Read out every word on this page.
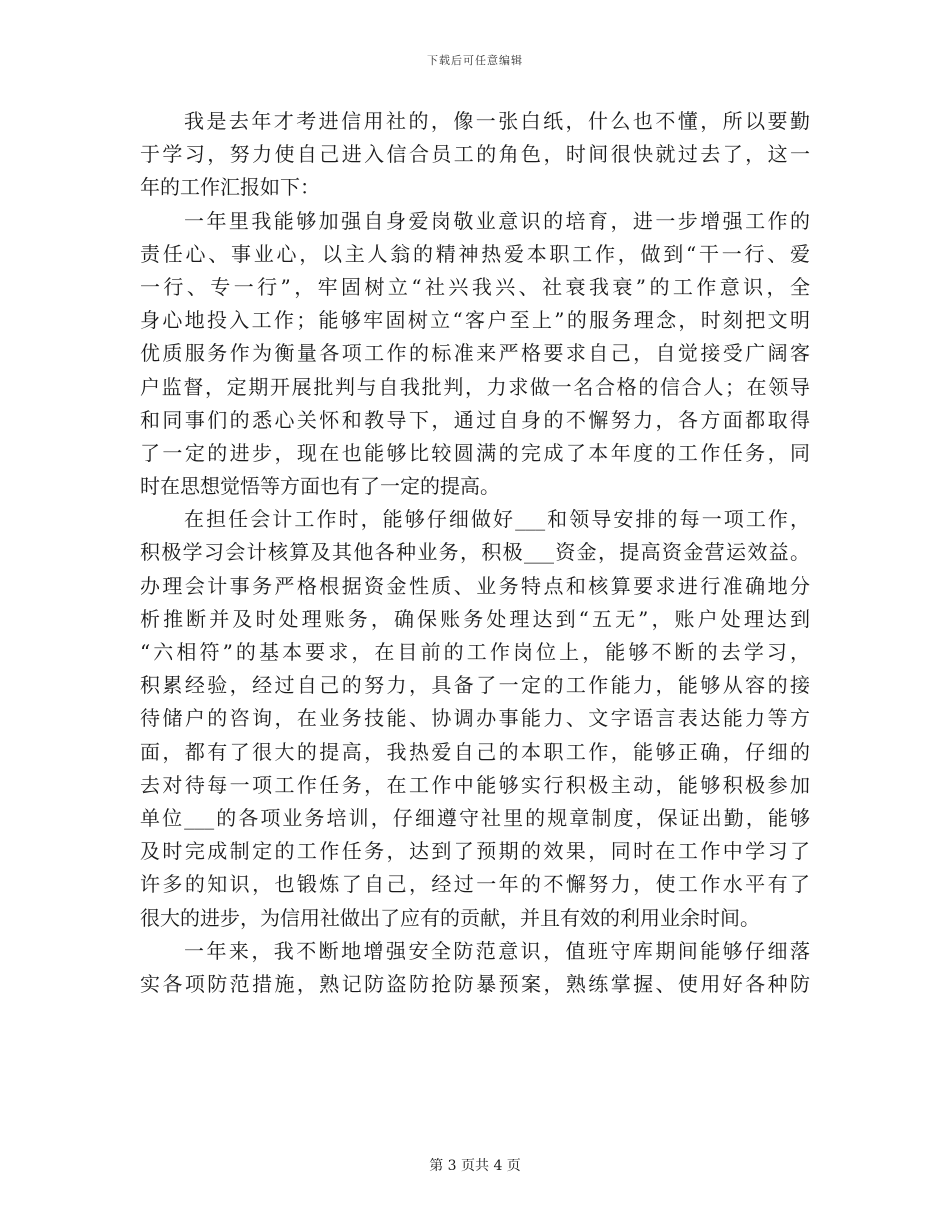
下载后可任意编辑
我是去年才考进信用社的，像一张白纸，什么也不懂，所以要勤
于学习，努力使自己进入信合员工的角色，时间很快就过去了，这一
年的工作汇报如下：
一年里我能够加强自身爱岗敬业意识的培育，进一步增强工作的
责任心、事业心，以主人翁的精神热爱本职工作，做到“干一行、爱
一行、专一行”，牢固树立“社兴我兴、社衰我衰”的工作意识，全
身心地投入工作；能够牢固树立“客户至上”的服务理念，时刻把文明
优质服务作为衡量各项工作的标准来严格要求自己，自觉接受广阔客
户监督，定期开展批判与自我批判，力求做一名合格的信合人；在领导
和同事们的悉心关怀和教导下，通过自身的不懈努力，各方面都取得
了一定的进步，现在也能够比较圆满的完成了本年度的工作任务，同
时在思想觉悟等方面也有了一定的提高。
在担任会计工作时，能够仔细做好___和领导安排的每一项工作，
积极学习会计核算及其他各种业务，积极___资金，提高资金营运效益。
办理会计事务严格根据资金性质、业务特点和核算要求进行准确地分
析推断并及时处理账务，确保账务处理达到“五无”，账户处理达到
“六相符”的基本要求，在目前的工作岗位上，能够不断的去学习，
积累经验，经过自己的努力，具备了一定的工作能力，能够从容的接
待储户的咨询，在业务技能、协调办事能力、文字语言表达能力等方
面，都有了很大的提高，我热爱自己的本职工作，能够正确，仔细的
去对待每一项工作任务，在工作中能够实行积极主动，能够积极参加
单位___的各项业务培训，仔细遵守社里的规章制度，保证出勤，能够
及时完成制定的工作任务，达到了预期的效果，同时在工作中学习了
许多的知识，也锻炼了自己，经过一年的不懈努力，使工作水平有了
很大的进步，为信用社做出了应有的贡献，并且有效的利用业余时间。
一年来，我不断地增强安全防范意识，值班守库期间能够仔细落
实各项防范措施，熟记防盗防抢防暴预案，熟练掌握、使用好各种防
第 3 页共 4 页
